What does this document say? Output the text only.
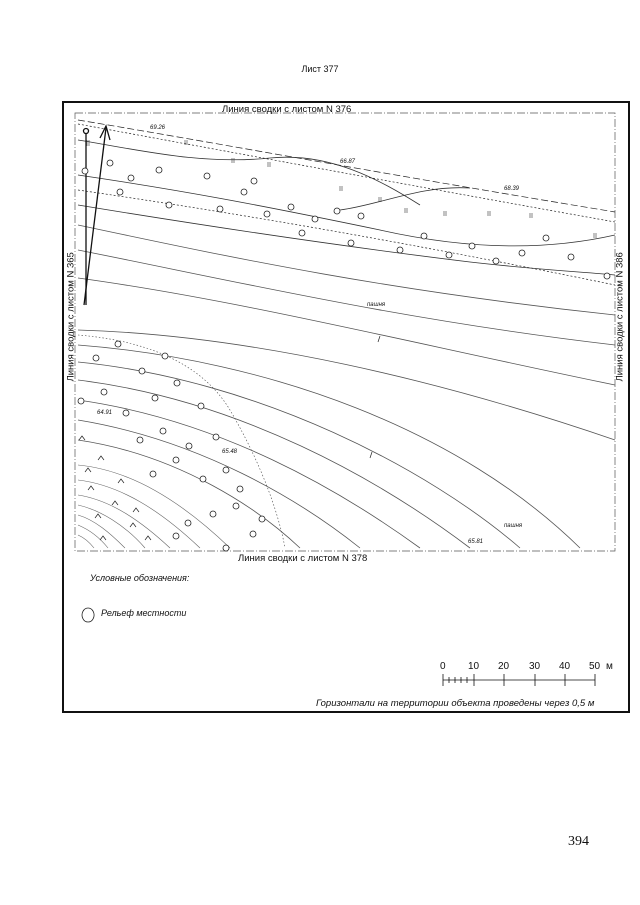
Лист 377
69.26
66.87
68.39
64.91
65.48
65.81
пашня
пашня
Линия сводки с листом N 376
Линия сводки с листом N 378
Линия сводки с листом N 365	Линия сводки с листом N 386
Условные обозначения:
Рельеф местности
0 10 20 30 40 50 м
Горизонтали на территории объекта проведены через 0,5 м
394
